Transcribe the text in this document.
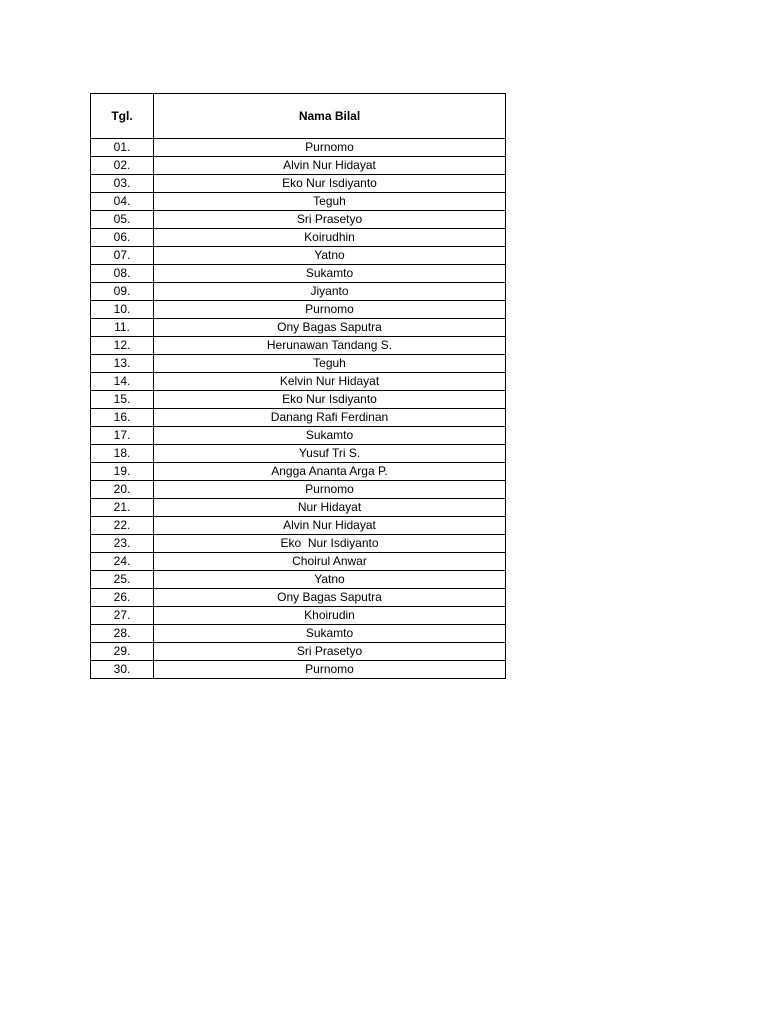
Tgl.	Nama Bilal
01.	Purnomo
02.	Alvin Nur Hidayat
03.	Eko Nur Isdiyanto
04.	Teguh
05.	Sri Prasetyo
06.	Koirudhin
07.	Yatno
08.	Sukamto
09.	Jiyanto
10.	Purnomo
11.	Ony Bagas Saputra
12.	Herunawan Tandang S.
13.	Teguh
14.	Kelvin Nur Hidayat
15.	Eko Nur Isdiyanto
16.	Danang Rafi Ferdinan
17.	Sukamto
18.	Yusuf Tri S.
19.	Angga Ananta Arga P.
20.	Purnomo
21.	Nur Hidayat
22.	Alvin Nur Hidayat
23.	Eko  Nur Isdiyanto
24.	Choirul Anwar
25.	Yatno
26.	Ony Bagas Saputra
27.	Khoirudin
28.	Sukamto
29.	Sri Prasetyo
30.	Purnomo
